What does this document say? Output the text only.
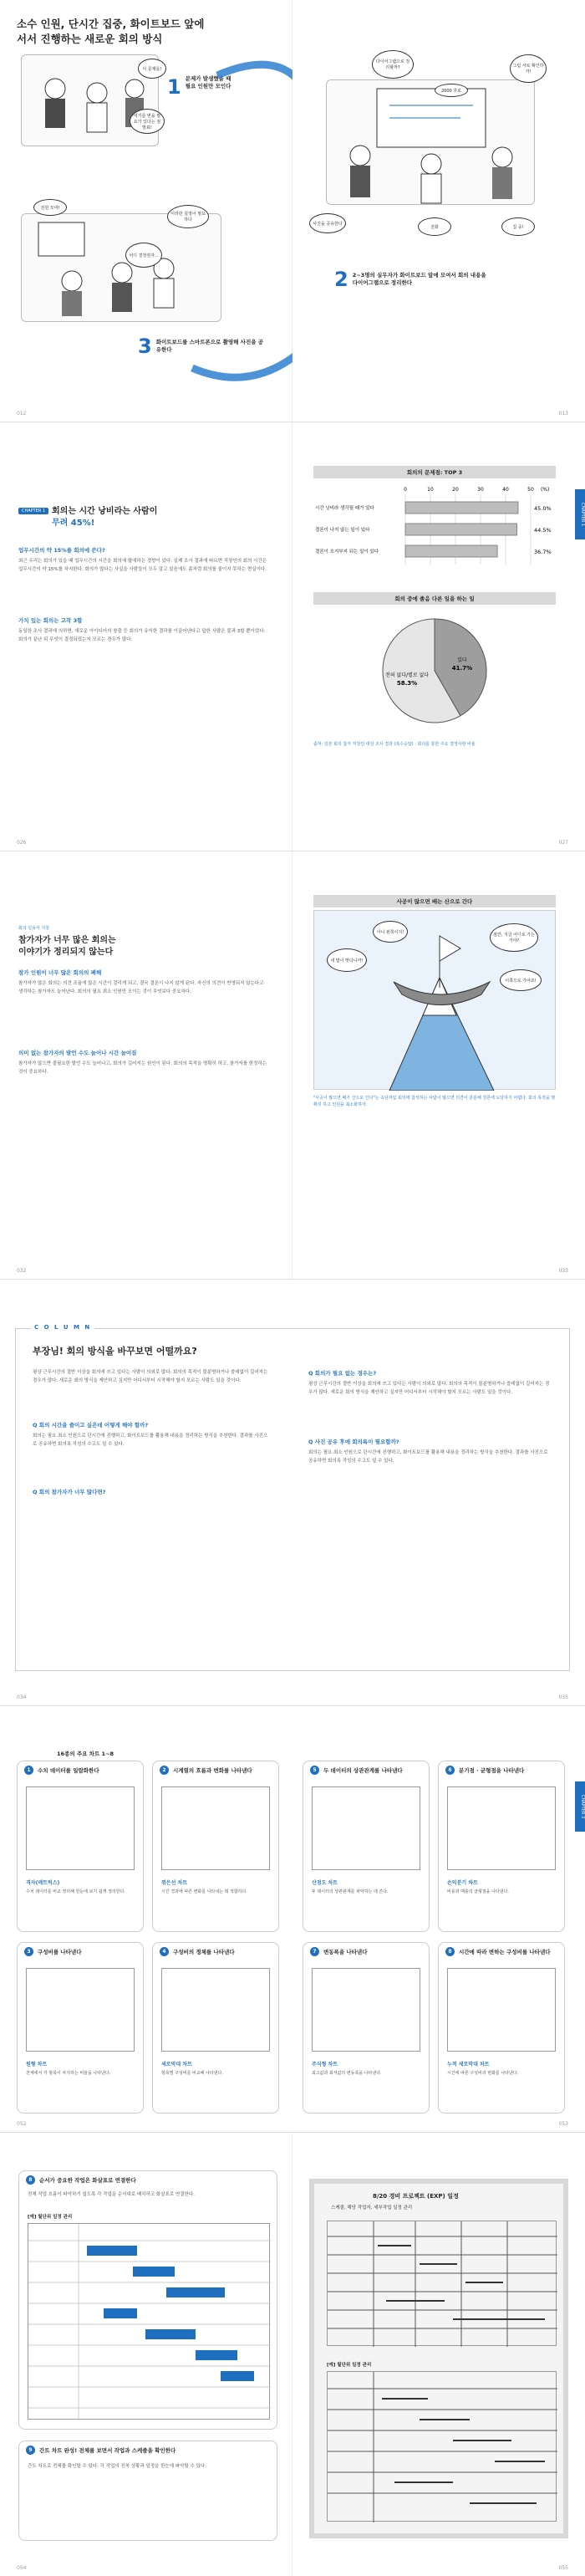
소수 인원, 단시간 집중, 화이트보드 앞에
서서 진행하는 새로운 회의 방식
1 문제가 발생했을 때 필요 인원만 모인다
이 문제를!
여기를 변을 필요가 있다는 점 발표!
전원 모여!
어디 결정권자...
이러한 설정이 필요하다
3 화이트보드를 스마트폰으로 촬영해 사진을 공유한다
012
다이어그램으로 정리할까?	그럼 서로 확인하자!
2000 후로
사진을 공유한다
전화	집 중!
2 2~3명의 실무자가 화이트보드 앞에 모여서 회의 내용을 다이어그램으로 정리한다
013
CHAPTER 1 회의는 시간 낭비라는 사람이
무려 45%!
업무시간의 약 15%를 회의에 쓴다?
최근 우리는 회의가 있을 때 업무시간의 시간을 회의에 할애하는 경향이 있다. 실제 조사 결과에 따르면 직장인의 회의 시간은 업무시간의 약 15%를 차지한다. 회의가 많다는 사실을 사람들이 모두 알고 있음에도 좀처럼 회의를 줄이지 못하는 현실이다.
가치 있는 회의는 고작 3할
동일한 조사 결과에 의하면, 새로운 아이디어의 창출 등 회의가 유익한 결과를 이끌어낸다고 답한 사람은 불과 3할 뿐이었다. 회의가 끝난 뒤 무엇이 결정되었는지 모르는 경우가 많다.
026
회의의 문제점: TOP 3
0	10	20	30	40	50 (%)
시간 낭비라 생각될 때가 있다	45.0%
결론이 나지 않는 일이 있다	44.5%
결론이 흐지부지 되는 일이 있다	36.7%
회의 중에 졸음 다른 일을 하는 일
있다
41.7%
전혀 없다/별로 없다
58.3%
출처: 일본 회의 참가 직장인 대상 조사 결과 (복수응답) · 회의를 통한 주요 결정사항 비율
CHAPTER 1
027
회의 실용서 지침
참가자가 너무 많은 회의는
이야기가 정리되지 않는다
참가 인원이 너무 많은 회의의 폐해
참가자가 많은 회의는 의견 조율에 많은 시간이 걸리게 되고, 결국 결론이 나지 않게 된다. 자신의 의견이 반영되지 않는다고 생각하는 참가자도 늘어난다. 회의의 필요 최소 인원만 모이는 것이 무엇보다 중요하다.
의미 없는 참가자의 발언 수도 늘어나 시간 늘어짐
참가자가 많으면 불필요한 발언 수도 늘어나고, 회의가 길어지는 원인이 된다. 회의의 목적을 명확히 하고, 참가자를 한정하는 것이 중요하다.
032
사공이 많으면 배는 산으로 간다
내 말이 맞다니까!
아니 왼쪽이지!
잠깐, 지금 어디로 가는 거야?
이쪽으로 가야죠!
"사공이 많으면 배가 산으로 간다"는 속담처럼 회의에 참석하는 사람이 많으면 의견이 분분해 결론에 도달하기 어렵다. 회의 목적을 명확히 하고 인원을 최소화하자.
033
C O L U M N
부장님! 회의 방식을 바꾸보면 어떨까요?
평상 근무시간의 절반 이상을 회의에 쓰고 있다는 사람이 의외로 많다. 회의의 목적이 불분명하거나 쓸데없이 길어지는 경우가 많다. 새로운 회의 방식을 제안하고 싶지만 어디서부터 시작해야 할지 모르는 사람도 있을 것이다.
Q 회의 시간을 줄이고 싶은데 어떻게 해야 할까?
회의는 필요 최소 인원으로 단시간에 진행하고, 화이트보드를 활용해 내용을 정리하는 방식을 추천한다. 결과를 사진으로 공유하면 회의록 작성의 수고도 덜 수 있다.
Q 회의 참가자가 너무 많다면?
Q 회의가 필요 없는 경우는?
평상 근무시간의 절반 이상을 회의에 쓰고 있다는 사람이 의외로 많다. 회의의 목적이 불분명하거나 쓸데없이 길어지는 경우가 많다. 새로운 회의 방식을 제안하고 싶지만 어디서부터 시작해야 할지 모르는 사람도 있을 것이다.
Q 사진 공유 후에 회의록이 필요할까?
회의는 필요 최소 인원으로 단시간에 진행하고, 화이트보드를 활용해 내용을 정리하는 방식을 추천한다. 결과를 사진으로 공유하면 회의록 작성의 수고도 덜 수 있다.
034	035
16종의 주요 차트 1~8
1	수치 데이터를 일람화한다
격자(매트릭스)
수치 데이터를 비교 정리해 한눈에 보기 쉽게 정리한다.
2	시계열의 흐름과 변화를 나타낸다
꺾은선 차트
시간 경과에 따른 변화를 나타내는 데 적합하다.
3	구성비를 나타낸다
원형 차트
전체에서 각 항목이 차지하는 비율을 나타낸다.
4	구성비의 정체를 나타낸다
세로막대 차트
항목별 구성비를 비교해 나타낸다.
5	두 데이터의 상관관계를 나타낸다
산점도 차트
두 데이터의 상관관계를 파악하는 데 쓴다.
6	분기점 · 균형점을 나타낸다
손익분기 차트
비용과 매출의 균형점을 나타낸다.
7	변동폭을 나타낸다
주식형 차트
최고값과 최저값의 변동폭을 나타낸다.
8	시간에 따라 변하는 구성비를 나타낸다
누적 세로막대 차트
시간에 따른 구성비의 변화를 나타낸다.
CHAPTER 3
052	053
8	순서가 중요한 작업은 화살표로 연결한다
전체 작업 흐름이 파악하기 쉽도록 각 작업을 순서대로 배치하고 화살표로 연결한다.
[예] 월단위 일정 관리
9	간트 차트 완성! 전체를 보면서 작업과 스케줄을 확인한다
간트 차트로 전체를 확인할 수 있다. 각 작업의 진척 상황과 일정을 한눈에 파악할 수 있다.
054
8/20 경비 프로젝트 (EXP) 일정
스케줄, 해당 작업자, 세부작업 일정 관리
[예] 월단위 일정 관리
055
